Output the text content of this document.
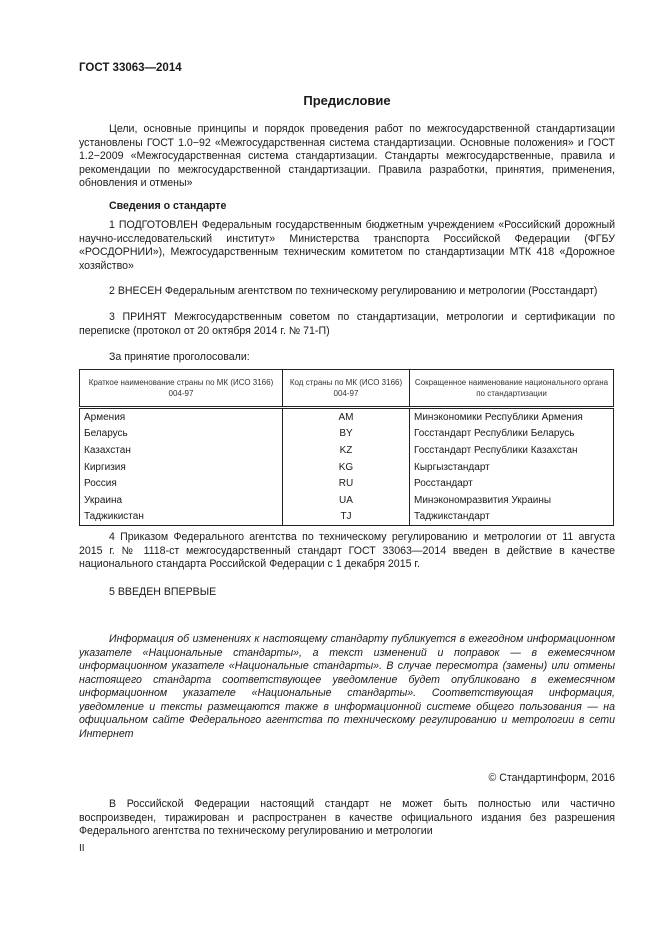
ГОСТ 33063—2014
Предисловие
Цели, основные принципы и порядок проведения работ по межгосударственной стандартизации установлены ГОСТ 1.0−92 «Межгосударственная система стандартизации. Основные положения» и ГОСТ 1.2−2009 «Межгосударственная система стандартизации. Стандарты межгосударственные, правила и рекомендации по межгосударственной стандартизации. Правила разработки, принятия, применения, обновления и отмены»
Сведения о стандарте
1 ПОДГОТОВЛЕН Федеральным государственным бюджетным учреждением «Российский дорожный научно-исследовательский институт» Министерства транспорта Российской Федерации (ФГБУ «РОСДОРНИИ»), Межгосударственным техническим комитетом по стандартизации МТК 418 «Дорожное хозяйство»
2 ВНЕСЕН Федеральным агентством по техническому регулированию и метрологии (Росстандарт)
3 ПРИНЯТ Межгосударственным советом по стандартизации, метрологии и сертификации по переписке (протокол от 20 октября 2014 г. № 71-П)
За принятие проголосовали:
Краткое наименование страны по МК (ИСО 3166) 004-97	Код страны по МК (ИСО 3166) 004-97	Сокращенное наименование национального органа по стандартизации
Армения	AM	Минэкономики Республики Армения
Беларусь	BY	Госстандарт Республики Беларусь
Казахстан	KZ	Госстандарт Республики Казахстан
Киргизия	KG	Кыргызстандарт
Россия	RU	Росстандарт
Украина	UA	Минэкономразвития Украины
Таджикистан	TJ	Таджикстандарт
4 Приказом Федерального агентства по техническому регулированию и метрологии от 11 августа 2015 г. № 1118-ст межгосударственный стандарт ГОСТ 33063—2014 введен в действие в качестве национального стандарта Российской Федерации с 1 декабря 2015 г.
5 ВВЕДЕН ВПЕРВЫЕ
Информация об изменениях к настоящему стандарту публикуется в ежегодном информационном указателе «Национальные стандарты», а текст изменений и поправок — в ежемесячном информационном указателе «Национальные стандарты». В случае пересмотра (замены) или отмены настоящего стандарта соответствующее уведомление будет опубликовано в ежемесячном информационном указателе «Национальные стандарты». Соответствующая информация, уведомление и тексты размещаются также в информационной системе общего пользования — на официальном сайте Федерального агентства по техническому регулированию и метрологии в сети Интернет
© Стандартинформ, 2016
В Российской Федерации настоящий стандарт не может быть полностью или частично воспроизведен, тиражирован и распространен в качестве официального издания без разрешения Федерального агентства по техническому регулированию и метрологии
II
